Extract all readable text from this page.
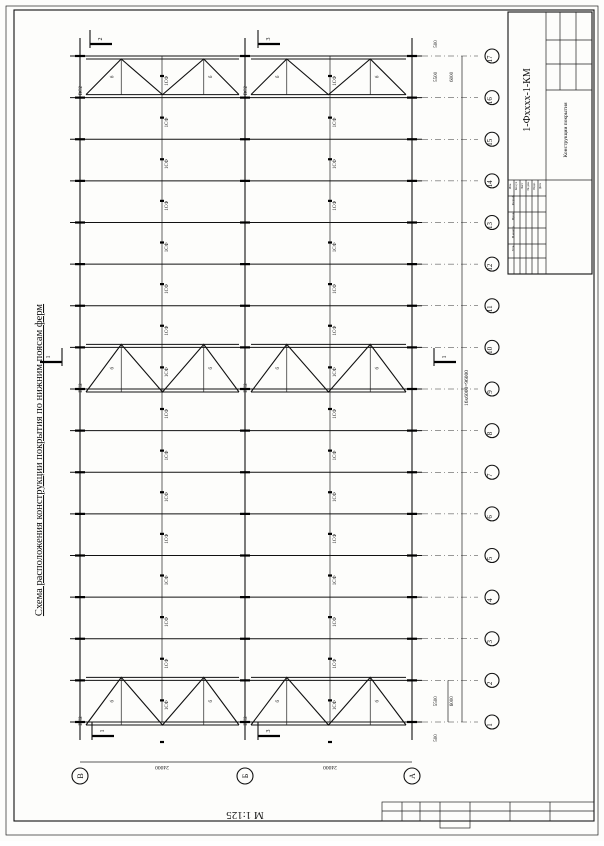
Схема расположения конструкции покрытия по нижним поясам ферм
М 1:125
1-Фхххх-1-КМ	Конструкции покрытия
1СФ	1СФ
1
1СФ	1СФ
2
1СФ	1СФ
3
1СФ	1СФ
4
1СФ	1СФ
5
1СФ	1СФ
6
1СФ	1СФ
7
1СФ	1СФ
8
1СФ	1СФ
9
1СФ	1СФ
10
1СФ	1СФ
11
1СФ	1СФ
12
1СФ	1СФ
13
1СФ	1СФ
14
1СФ	1СФ
15
1СФ	1СФ
16
17
В	Б	А
б	б
ВС2
б	б
ВС2
б	б
ВС2
б	б
ВС2
б	б
ВС2
б	б
ВС2
1	3
2	3
1	1
16х6000=96000
6000
5500
6000
5500
500
500
24000	24000
Разраб.
Пров.
Н.контр.
Утв.
Изм. Кол.уч Лист № док. Подп. Дата
